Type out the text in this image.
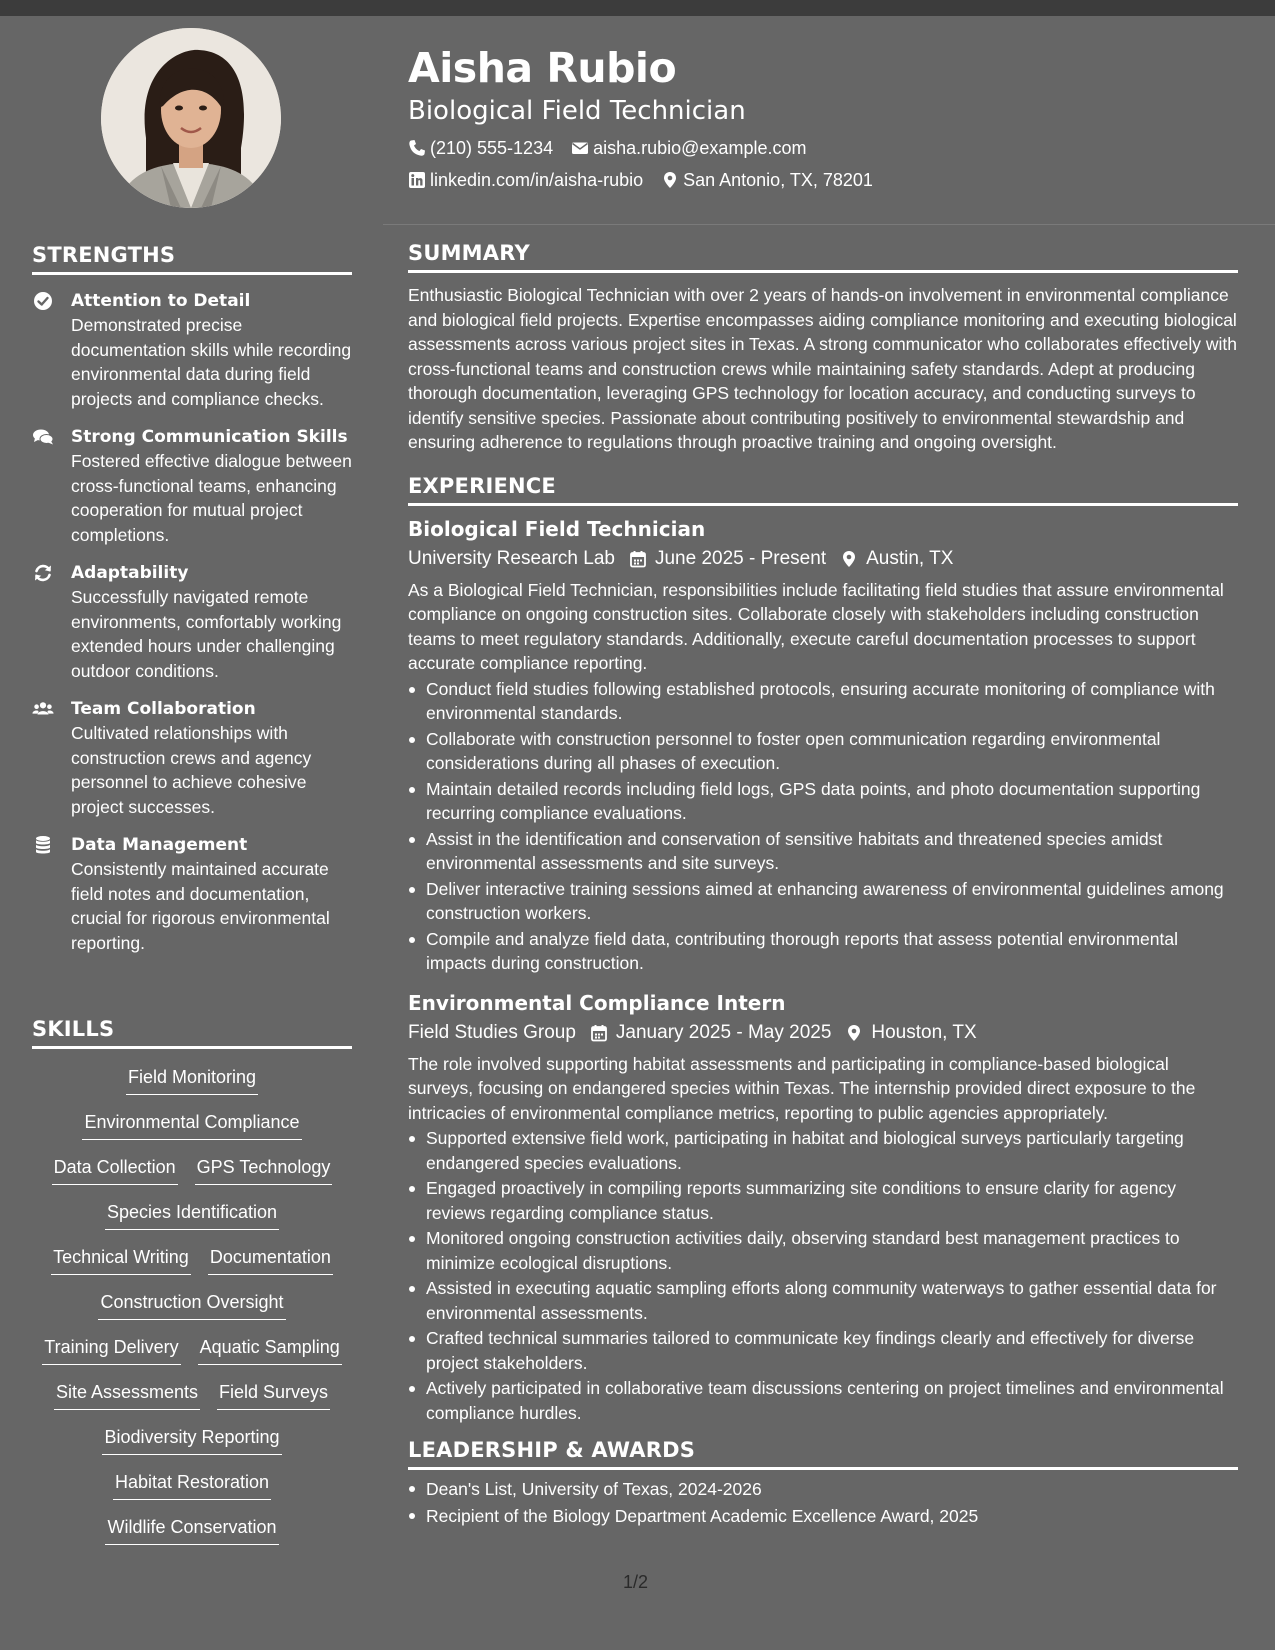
STRENGTHS
Attention to Detail
Demonstrated precise documentation skills while recording environmental data during field projects and compliance checks.
Strong Communication Skills
Fostered effective dialogue between cross-functional teams, enhancing cooperation for mutual project completions.
Adaptability
Successfully navigated remote environments, comfortably working extended hours under challenging outdoor conditions.
Team Collaboration
Cultivated relationships with construction crews and agency personnel to achieve cohesive project successes.
Data Management
Consistently maintained accurate field notes and documentation, crucial for rigorous environmental reporting.
SKILLS
Field Monitoring
Environmental Compliance
Data Collection GPS Technology
Species Identification
Technical Writing Documentation
Construction Oversight
Training Delivery Aquatic Sampling
Site Assessments Field Surveys
Biodiversity Reporting
Habitat Restoration
Wildlife Conservation
Aisha Rubio
Biological Field Technician
(210) 555-1234 aisha.rubio@example.com
linkedin.com/in/aisha-rubio San Antonio, TX, 78201
SUMMARY

Enthusiastic Biological Technician with over 2 years of hands-on involvement in environmental compliance and biological field projects. Expertise encompasses aiding compliance monitoring and executing biological assessments across various project sites in Texas. A strong communicator who collaborates effectively with cross-functional teams and construction crews while maintaining safety standards. Adept at producing thorough documentation, leveraging GPS technology for location accuracy, and conducting surveys to identify sensitive species. Passionate about contributing positively to environmental stewardship and ensuring adherence to regulations through proactive training and ongoing oversight.

EXPERIENCE
Biological Field Technician
University Research Lab June 2025 - Present Austin, TX
As a Biological Field Technician, responsibilities include facilitating field studies that assure environmental compliance on ongoing construction sites. Collaborate closely with stakeholders including construction teams to meet regulatory standards. Additionally, execute careful documentation processes to support accurate compliance reporting.
Conduct field studies following established protocols, ensuring accurate monitoring of compliance with environmental standards.
Collaborate with construction personnel to foster open communication regarding environmental considerations during all phases of execution.
Maintain detailed records including field logs, GPS data points, and photo documentation supporting recurring compliance evaluations.
Assist in the identification and conservation of sensitive habitats and threatened species amidst environmental assessments and site surveys.
Deliver interactive training sessions aimed at enhancing awareness of environmental guidelines among construction workers.
Compile and analyze field data, contributing thorough reports that assess potential environmental impacts during construction.
Environmental Compliance Intern
Field Studies Group January 2025 - May 2025 Houston, TX
The role involved supporting habitat assessments and participating in compliance-based biological surveys, focusing on endangered species within Texas. The internship provided direct exposure to the intricacies of environmental compliance metrics, reporting to public agencies appropriately.
Supported extensive field work, participating in habitat and biological surveys particularly targeting endangered species evaluations.
Engaged proactively in compiling reports summarizing site conditions to ensure clarity for agency reviews regarding compliance status.
Monitored ongoing construction activities daily, observing standard best management practices to minimize ecological disruptions.
Assisted in executing aquatic sampling efforts along community waterways to gather essential data for environmental assessments.
Crafted technical summaries tailored to communicate key findings clearly and effectively for diverse project stakeholders.
Actively participated in collaborative team discussions centering on project timelines and environmental compliance hurdles.
LEADERSHIP & AWARDS
Dean's List, University of Texas, 2024-2026
Recipient of the Biology Department Academic Excellence Award, 2025
1/2
